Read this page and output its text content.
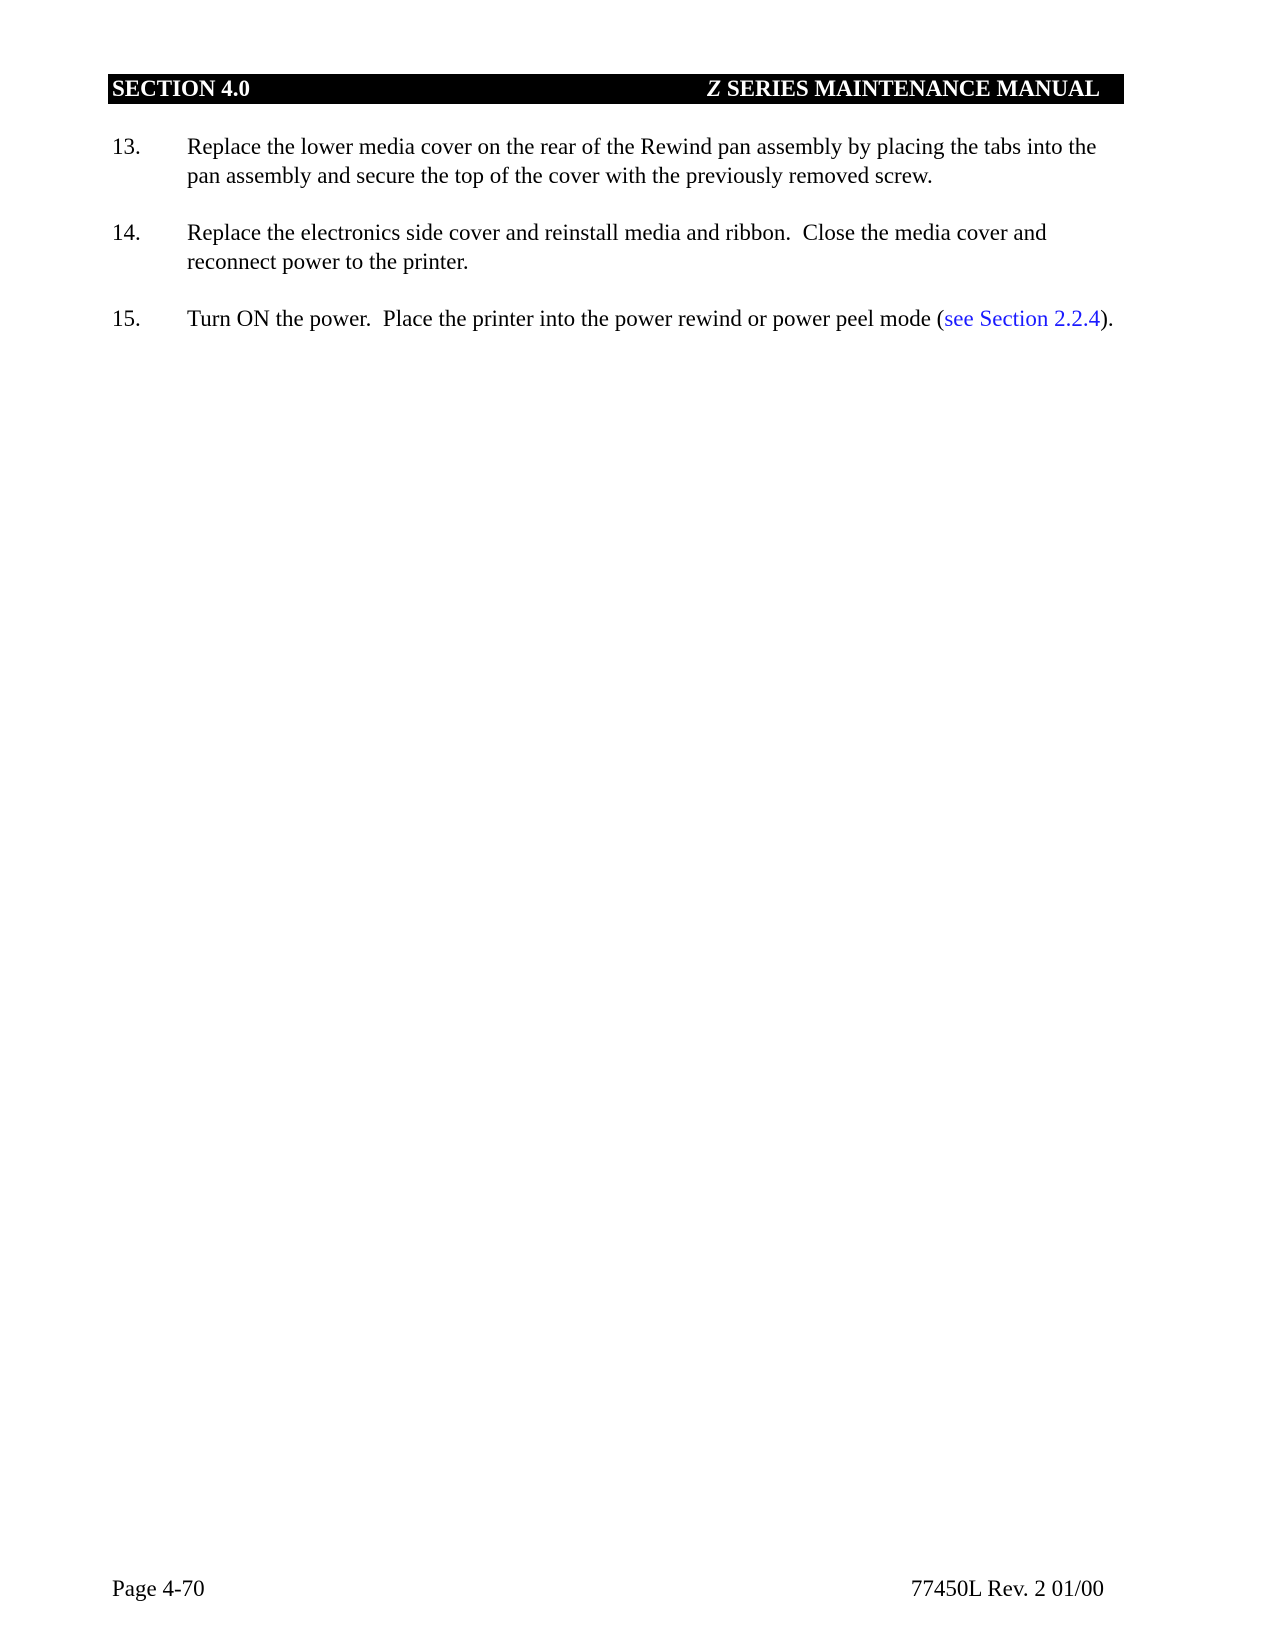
SECTION 4.0	Z SERIES MAINTENANCE MANUAL
13.	Replace the lower media cover on the rear of the Rewind pan assembly by placing the tabs into the pan assembly and secure the top of the cover with the previously removed screw.
14.	Replace the electronics side cover and reinstall media and ribbon.  Close the media cover and reconnect power to the printer.
15.	Turn ON the power.  Place the printer into the power rewind or power peel mode (see Section 2.2.4).
Page 4-70	77450L Rev. 2 01/00
